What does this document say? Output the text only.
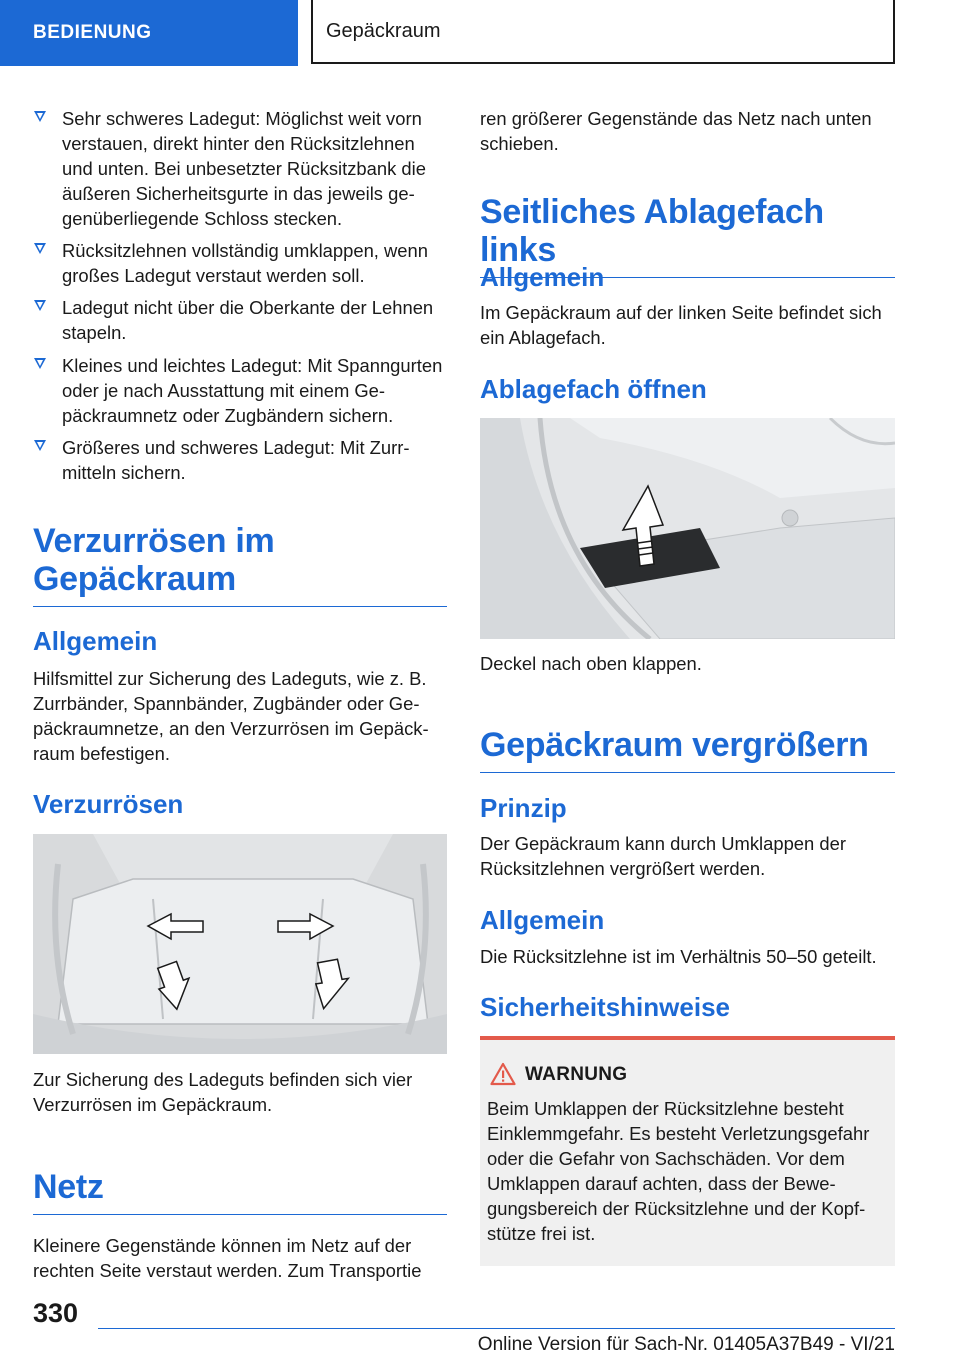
BEDIENUNG	Gepäckraum
Sehr schweres Ladegut: Möglichst weit vorn verstauen, direkt hinter den Rücksitzlehnen und unten. Bei unbesetzter Rücksitzbank die äußeren Sicherheitsgurte in das jeweils gegenüberliegende Schloss stecken.
Rücksitzlehnen vollständig umklappen, wenn großes Ladegut verstaut werden soll.
Ladegut nicht über die Oberkante der Lehnen stapeln.
Kleines und leichtes Ladegut: Mit Spanngurten oder je nach Ausstattung mit einem Gepäckraumnetz oder Zugbändern sichern.
Größeres und schweres Ladegut: Mit Zurrmitteln sichern.
Verzurrösen im Gepäckraum
Allgemein
Hilfsmittel zur Sicherung des Ladeguts, wie z. B. Zurrbänder, Spannbänder, Zugbänder oder Gepäckraumnetze, an den Verzurrösen im Gepäckraum befestigen.
Verzurrösen
Zur Sicherung des Ladeguts befinden sich vier Verzurrösen im Gepäckraum.
Netz
Kleinere Gegenstände können im Netz auf der rechten Seite verstaut werden. Zum Transportie
ren größerer Gegenstände das Netz nach unten schieben.
Seitliches Ablagefach links
Allgemein
Im Gepäckraum auf der linken Seite befindet sich ein Ablagefach.
Ablagefach öffnen
Deckel nach oben klappen.
Gepäckraum vergrößern
Prinzip
Der Gepäckraum kann durch Umklappen der Rücksitzlehnen vergrößert werden.
Allgemein
Die Rücksitzlehne ist im Verhältnis 50–50 geteilt.
Sicherheitshinweise
WARNUNG
Beim Umklappen der Rücksitzlehne besteht Einklemmgefahr. Es besteht Verletzungsgefahr oder die Gefahr von Sachschäden. Vor dem Umklappen darauf achten, dass der Bewegungsbereich der Rücksitzlehne und der Kopfstütze frei ist.
330
Online Version für Sach-Nr. 01405A37B49 - VI/21
